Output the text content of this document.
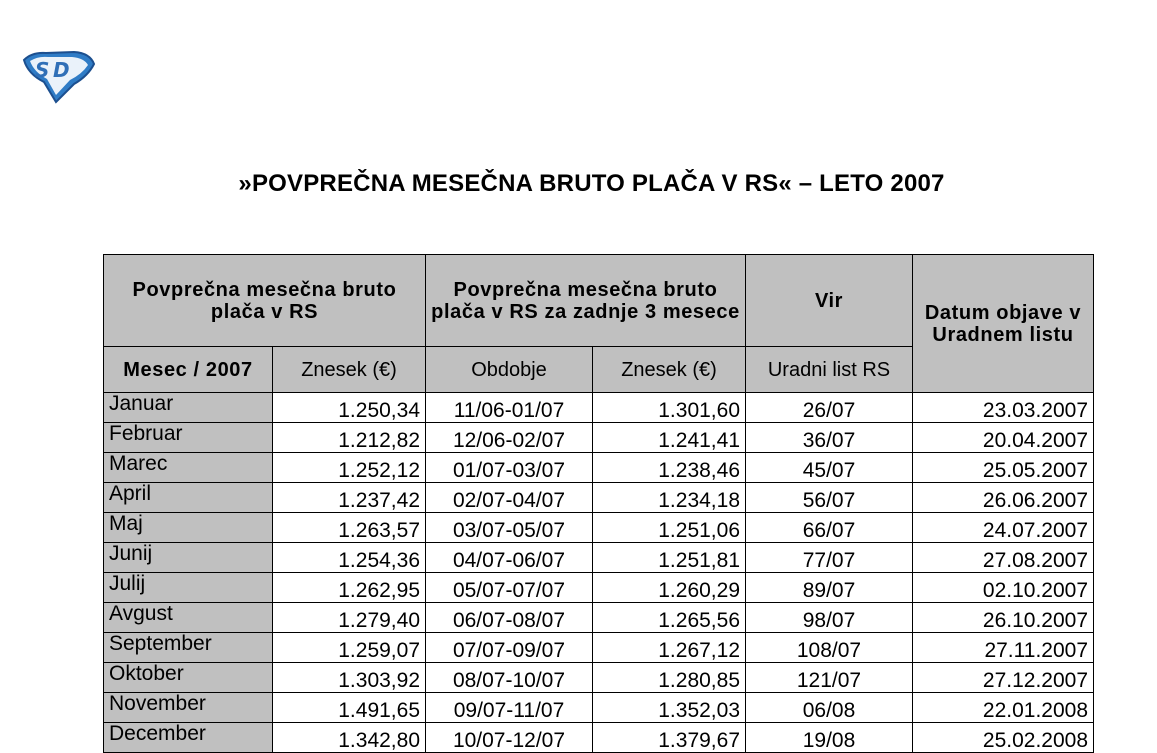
S D
»POVPREČNA MESEČNA BRUTO PLAČA V RS« – LETO 2007
Povprečna mesečna bruto plača v RS		Povprečna mesečna bruto plača v RS za zadnje 3 mesece		Vir	Datum objave v Uradnem listu
Mesec / 2007	Znesek (€)	Obdobje	Znesek (€)	Uradni list RS	
Januar	1.250,34	11/06-01/07	1.301,60	26/07	23.03.2007
Februar	1.212,82	12/06-02/07	1.241,41	36/07	20.04.2007
Marec	1.252,12	01/07-03/07	1.238,46	45/07	25.05.2007
April	1.237,42	02/07-04/07	1.234,18	56/07	26.06.2007
Maj	1.263,57	03/07-05/07	1.251,06	66/07	24.07.2007
Junij	1.254,36	04/07-06/07	1.251,81	77/07	27.08.2007
Julij	1.262,95	05/07-07/07	1.260,29	89/07	02.10.2007
Avgust	1.279,40	06/07-08/07	1.265,56	98/07	26.10.2007
September	1.259,07	07/07-09/07	1.267,12	108/07	27.11.2007
Oktober	1.303,92	08/07-10/07	1.280,85	121/07	27.12.2007
November	1.491,65	09/07-11/07	1.352,03	06/08	22.01.2008
December	1.342,80	10/07-12/07	1.379,67	19/08	25.02.2008
